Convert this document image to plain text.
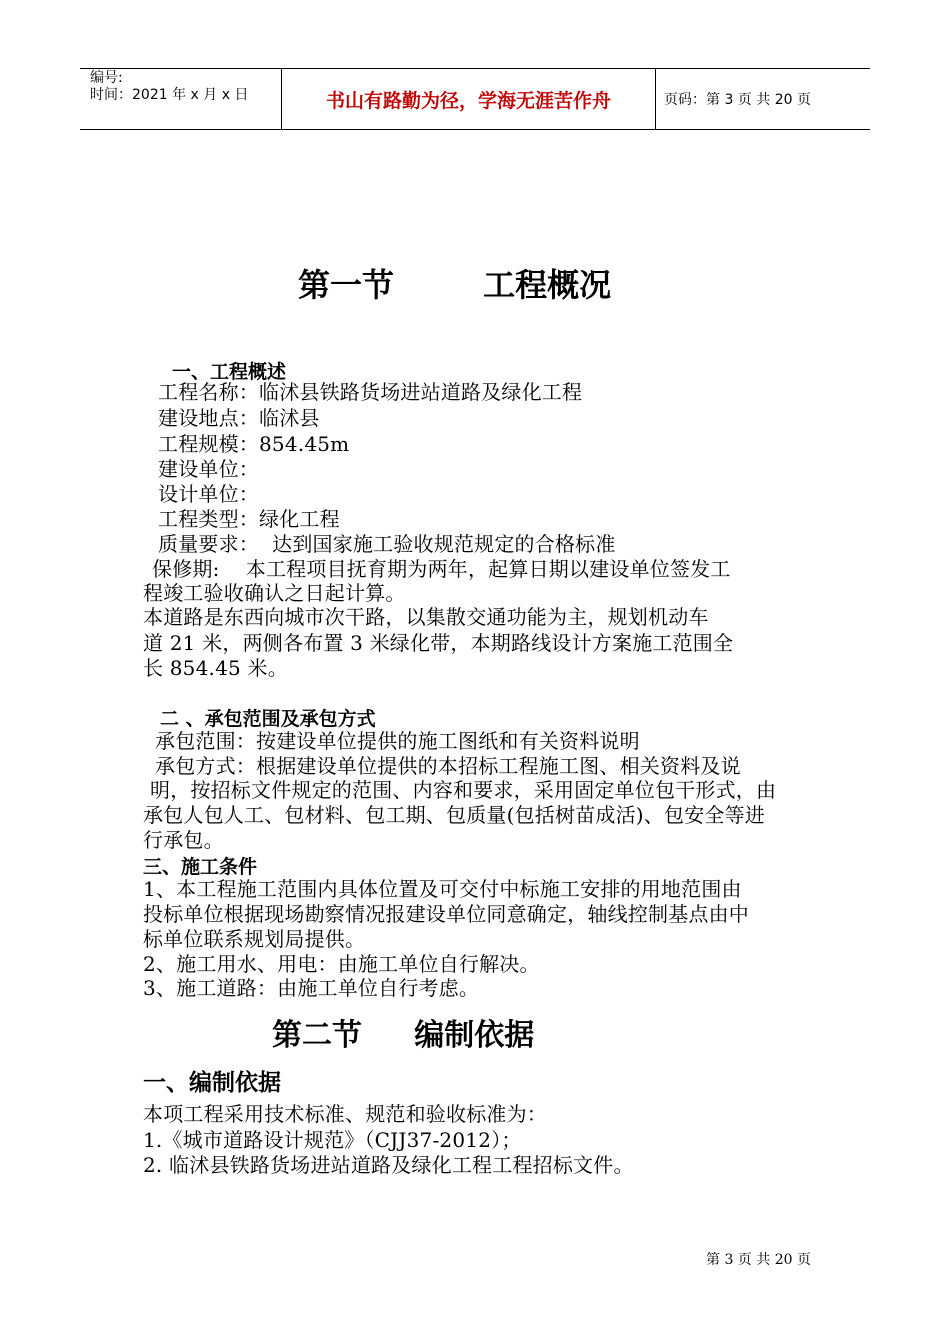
编号:
时间：2021 年 x 月 x 日	书山有路勤为径，学海无涯苦作舟	页码：第 3 页 共 20 页
第一节        工程概况
一、工程概述
工程名称：临沭县铁路货场进站道路及绿化工程
建设地点：临沭县
工程规模：854.45m
建设单位：
设计单位：
工程类型：绿化工程
质量要求：  达到国家施工验收规范规定的合格标准
保修期:    本工程项目抚育期为两年，起算日期以建设单位签发工
程竣工验收确认之日起计算。
本道路是东西向城市次干路，以集散交通功能为主，规划机动车
道 21 米，两侧各布置 3 米绿化带，本期路线设计方案施工范围全
长 854.45 米。
二 、承包范围及承包方式
承包范围：按建设单位提供的施工图纸和有关资料说明
承包方式：根据建设单位提供的本招标工程施工图、相关资料及说
明，按招标文件规定的范围、内容和要求，采用固定单位包干形式，由
承包人包人工、包材料、包工期、包质量(包括树苗成活)、包安全等进
行承包。
三、施工条件
1、本工程施工范围内具体位置及可交付中标施工安排的用地范围由
投标单位根据现场勘察情况报建设单位同意确定，轴线控制基点由中
标单位联系规划局提供。
2、施工用水、用电：由施工单位自行解决。
3、施工道路：由施工单位自行考虑。
第二节     编制依据
一、编制依据
本项工程采用技术标准、规范和验收标准为：
1.《城市道路设计规范》（CJJ37-2012）；
2. 临沭县铁路货场进站道路及绿化工程工程招标文件。
第 3 页 共 20 页
